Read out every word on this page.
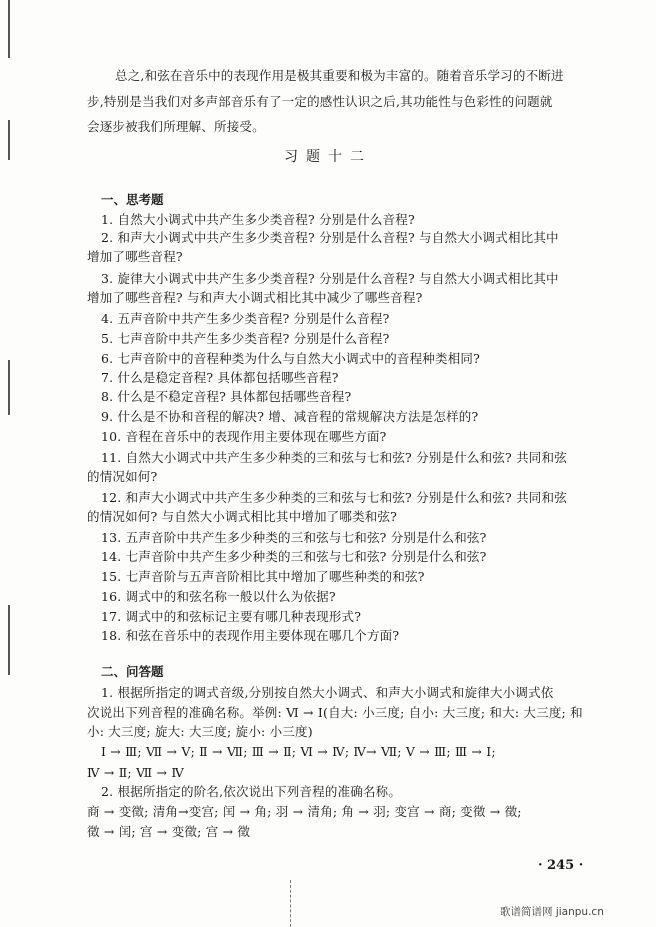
总之,和弦在音乐中的表现作用是极其重要和极为丰富的。随着音乐学习的不断进
步,特别是当我们对多声部音乐有了一定的感性认识之后,其功能性与色彩性的问题就
会逐步被我们所理解、所接受。
习题十二
一、思考题
1. 自然大小调式中共产生多少类音程? 分别是什么音程?
2. 和声大小调式中共产生多少类音程? 分别是什么音程? 与自然大小调式相比其中
增加了哪些音程?
3. 旋律大小调式中共产生多少类音程? 分别是什么音程? 与自然大小调式相比其中
增加了哪些音程? 与和声大小调式相比其中减少了哪些音程?
4. 五声音阶中共产生多少类音程? 分别是什么音程?
5. 七声音阶中共产生多少类音程? 分别是什么音程?
6. 七声音阶中的音程种类为什么与自然大小调式中的音程种类相同?
7. 什么是稳定音程? 具体都包括哪些音程?
8. 什么是不稳定音程? 具体都包括哪些音程?
9. 什么是不协和音程的解决? 增、减音程的常规解决方法是怎样的?
10. 音程在音乐中的表现作用主要体现在哪些方面?
11. 自然大小调式中共产生多少种类的三和弦与七和弦? 分别是什么和弦? 共同和弦
的情况如何?
12. 和声大小调式中共产生多少种类的三和弦与七和弦? 分别是什么和弦? 共同和弦
的情况如何? 与自然大小调式相比其中增加了哪类和弦?
13. 五声音阶中共产生多少种类的三和弦与七和弦? 分别是什么和弦?
14. 七声音阶中共产生多少种类的三和弦与七和弦? 分别是什么和弦?
15. 七声音阶与五声音阶相比其中增加了哪些种类的和弦?
16. 调式中的和弦名称一般以什么为依据?
17. 调式中的和弦标记主要有哪几种表现形式?
18. 和弦在音乐中的表现作用主要体现在哪几个方面?
二、问答题
1. 根据所指定的调式音级,分别按自然大小调式、和声大小调式和旋律大小调式依
次说出下列音程的准确名称。举例: Ⅵ → Ⅰ(自大: 小三度; 自小: 大三度; 和大: 大三度; 和
小: 大三度; 旋大: 大三度; 旋小: 小三度)
Ⅰ → Ⅲ; Ⅶ → Ⅴ; Ⅱ → Ⅶ; Ⅲ → Ⅱ; Ⅵ → Ⅳ; Ⅳ→ Ⅶ; Ⅴ → Ⅲ; Ⅲ → Ⅰ;
Ⅳ → Ⅱ; Ⅶ → Ⅳ
2. 根据所指定的阶名,依次说出下列音程的准确名称。
商 → 变徵; 清角→变宫; 闰 → 角; 羽 → 清角; 角 → 羽; 变宫 → 商; 变徵 → 徵;
徵 → 闰; 宫 → 变徵; 宫 → 徵
· 245 ·
歌谱简谱网 jianpu.cn
